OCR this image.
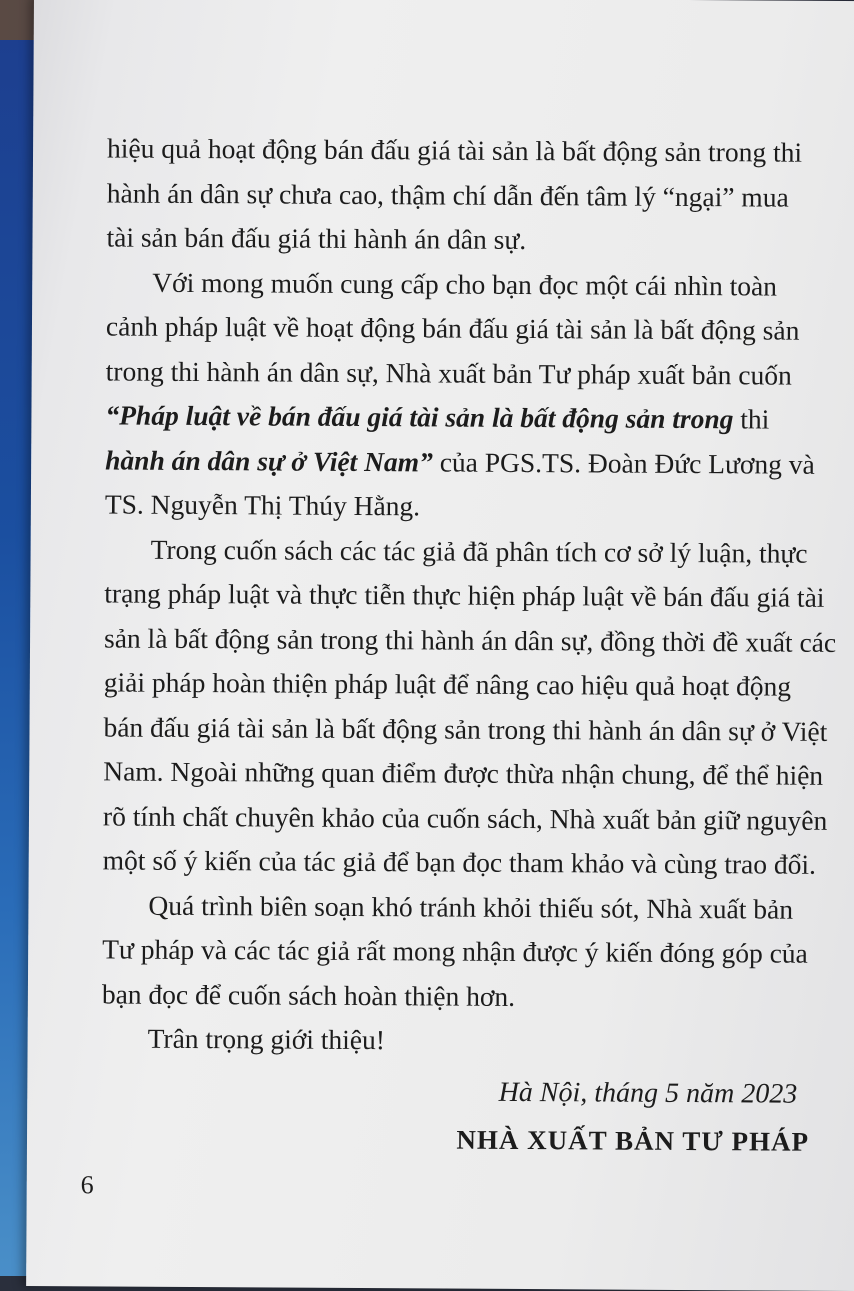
hiệu quả hoạt động bán đấu giá tài sản là bất động sản trong thi
hành án dân sự chưa cao, thậm chí dẫn đến tâm lý “ngại” mua
tài sản bán đấu giá thi hành án dân sự.
Với mong muốn cung cấp cho bạn đọc một cái nhìn toàn
cảnh pháp luật về hoạt động bán đấu giá tài sản là bất động sản
trong thi hành án dân sự, Nhà xuất bản Tư pháp xuất bản cuốn
“Pháp luật về bán đấu giá tài sản là bất động sản trong thi
hành án dân sự ở Việt Nam” của PGS.TS. Đoàn Đức Lương và
TS. Nguyễn Thị Thúy Hằng.
Trong cuốn sách các tác giả đã phân tích cơ sở lý luận, thực
trạng pháp luật và thực tiễn thực hiện pháp luật về bán đấu giá tài
sản là bất động sản trong thi hành án dân sự, đồng thời đề xuất các
giải pháp hoàn thiện pháp luật để nâng cao hiệu quả hoạt động
bán đấu giá tài sản là bất động sản trong thi hành án dân sự ở Việt
Nam. Ngoài những quan điểm được thừa nhận chung, để thể hiện
rõ tính chất chuyên khảo của cuốn sách, Nhà xuất bản giữ nguyên
một số ý kiến của tác giả để bạn đọc tham khảo và cùng trao đổi.
Quá trình biên soạn khó tránh khỏi thiếu sót, Nhà xuất bản
Tư pháp và các tác giả rất mong nhận được ý kiến đóng góp của
bạn đọc để cuốn sách hoàn thiện hơn.
Trân trọng giới thiệu!
Hà Nội, tháng 5 năm 2023
NHÀ XUẤT BẢN TƯ PHÁP
6
